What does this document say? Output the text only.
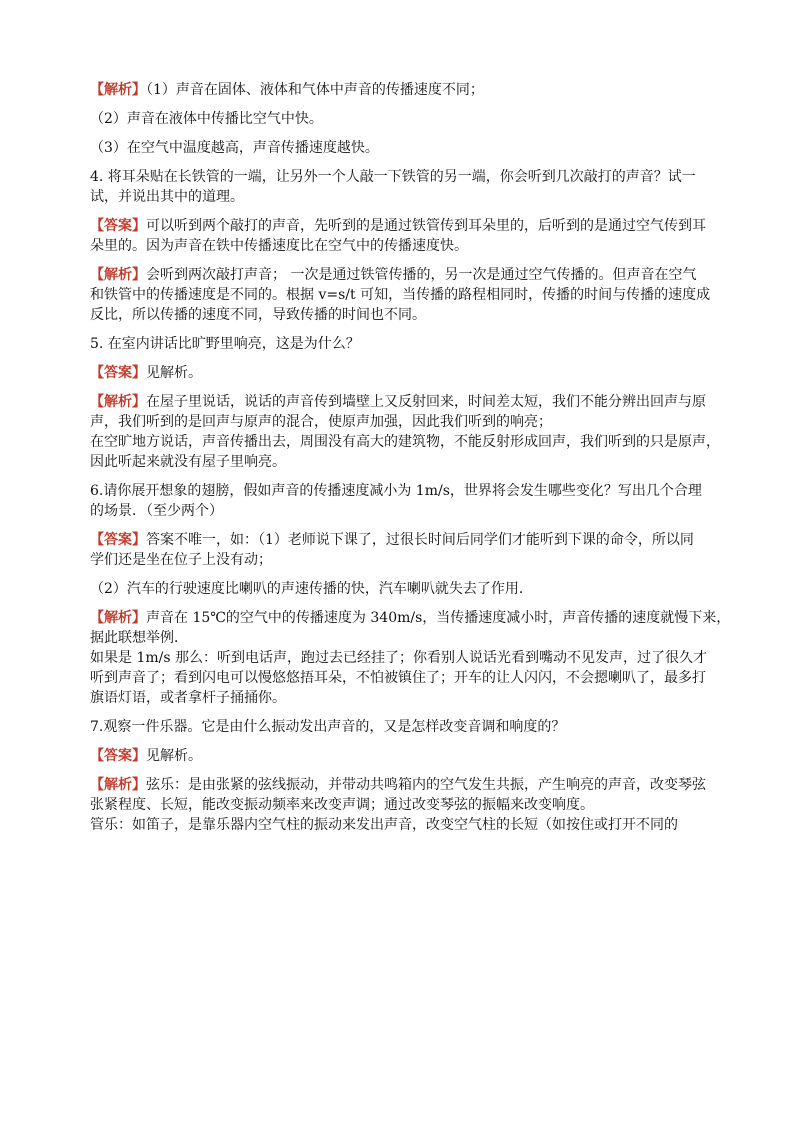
【解析】（1）声音在固体、液体和气体中声音的传播速度不同；
（2）声音在液体中传播比空气中快。
（3）在空气中温度越高，声音传播速度越快。
4. 将耳朵贴在长铁管的一端，让另外一个人敲一下铁管的另一端，你会听到几次敲打的声音？试一
试，并说出其中的道理。
【答案】可以听到两个敲打的声音，先听到的是通过铁管传到耳朵里的，后听到的是通过空气传到耳
朵里的。因为声音在铁中传播速度比在空气中的传播速度快。
【解析】会听到两次敲打声音； 一次是通过铁管传播的，另一次是通过空气传播的。但声音在空气
和铁管中的传播速度是不同的。根据 v=s/t 可知，当传播的路程相同时，传播的时间与传播的速度成
反比，所以传播的速度不同，导致传播的时间也不同。
5. 在室内讲话比旷野里响亮，这是为什么？
【答案】见解析。
【解析】在屋子里说话，说话的声音传到墙壁上又反射回来，时间差太短，我们不能分辨出回声与原
声，我们听到的是回声与原声的混合，使原声加强，因此我们听到的响亮；
在空旷地方说话，声音传播出去，周围没有高大的建筑物，不能反射形成回声，我们听到的只是原声，
因此听起来就没有屋子里响亮。
6.请你展开想象的翅膀，假如声音的传播速度减小为 1m/s，世界将会发生哪些变化？写出几个合理
的场景．（至少两个）
【答案】答案不唯一，如：（1）老师说下课了，过很长时间后同学们才能听到下课的命令，所以同
学们还是坐在位子上没有动；
（2）汽车的行驶速度比喇叭的声速传播的快，汽车喇叭就失去了作用．
【解析】声音在 15℃的空气中的传播速度为 340m/s，当传播速度减小时，声音传播的速度就慢下来，
据此联想举例．
如果是 1m/s 那么：听到电话声，跑过去已经挂了；你看别人说话光看到嘴动不见发声，过了很久才
听到声音了；看到闪电可以慢悠悠捂耳朵，不怕被镇住了；开车的让人闪闪，不会摁喇叭了，最多打
旗语灯语，或者拿杆子捅捅你。
7.观察一件乐器。它是由什么振动发出声音的，又是怎样改变音调和响度的？
【答案】见解析。
【解析】弦乐：是由张紧的弦线振动，并带动共鸣箱内的空气发生共振，产生响亮的声音，改变琴弦
张紧程度、长短，能改变振动频率来改变声调；通过改变琴弦的振幅来改变响度。
管乐：如笛子，是靠乐器内空气柱的振动来发出声音，改变空气柱的长短（如按住或打开不同的
